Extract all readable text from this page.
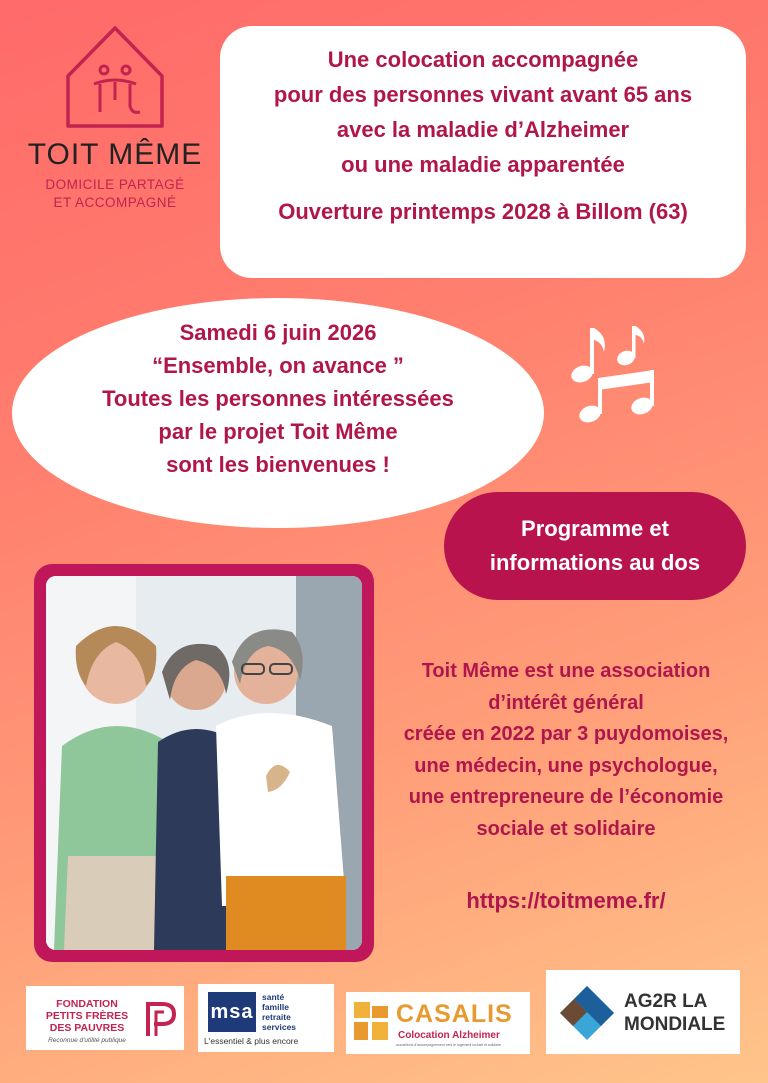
TOIT MÊME
DOMICILE PARTAGÉ
ET ACCOMPAGNÉ
Une colocation accompagnée
pour des personnes vivant avant 65 ans
avec la maladie d’Alzheimer
ou une maladie apparentée
Ouverture printemps 2028 à Billom (63)
Samedi 6 juin 2026
“Ensemble, on avance ”
Toutes les personnes intéressées
par le projet Toit Même
sont les bienvenues !
Programme et
informations au dos
Toit Même est une association
d’intérêt général
créée en 2022 par 3 puydomoises,
une médecin, une psychologue,
une entrepreneure de l’économie
sociale et solidaire
https://toitmeme.fr/
FONDATION
PETITS FRÈRES
DES PAUVRES
Reconnue d'utilité publique
msa
santé
famille
retraite
services
L'essentiel & plus encore
CASALIS
Colocation Alzheimer
accueillons d'accompagnement vers le logement inclusif et solidaire
AG2R LA
MONDIALE
